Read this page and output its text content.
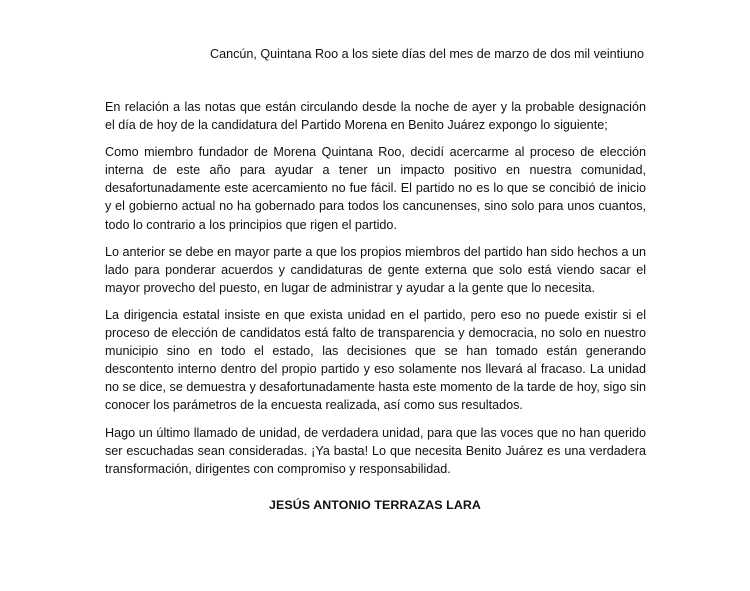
Cancún, Quintana Roo a los siete días del mes de marzo de dos mil veintiuno

En relación a las notas que están circulando desde la noche de ayer y la probable designación el día de hoy de la candidatura del Partido Morena en Benito Juárez expongo lo siguiente;

Como miembro fundador de Morena Quintana Roo, decidí acercarme al proceso de elección interna de este año para ayudar a tener un impacto positivo en nuestra comunidad, desafortunadamente este acercamiento no fue fácil. El partido no es lo que se concibió de inicio y el gobierno actual no ha gobernado para todos los cancunenses, sino solo para unos cuantos, todo lo contrario a los principios que rigen el partido.

Lo anterior se debe en mayor parte a que los propios miembros del partido han sido hechos a un lado para ponderar acuerdos y candidaturas de gente externa que solo está viendo sacar el mayor provecho del puesto, en lugar de administrar y ayudar a la gente que lo necesita.

La dirigencia estatal insiste en que exista unidad en el partido, pero eso no puede existir si el proceso de elección de candidatos está falto de transparencia y democracia, no solo en nuestro municipio sino en todo el estado, las decisiones que se han tomado están generando descontento interno dentro del propio partido y eso solamente nos llevará al fracaso. La unidad no se dice, se demuestra y desafortunadamente hasta este momento de la tarde de hoy, sigo sin conocer los parámetros de la encuesta realizada, así como sus resultados.

Hago un último llamado de unidad, de verdadera unidad, para que las voces que no han querido ser escuchadas sean consideradas. ¡Ya basta! Lo que necesita Benito Juárez es una verdadera transformación, dirigentes con compromiso y responsabilidad.

JESÚS ANTONIO TERRAZAS LARA
